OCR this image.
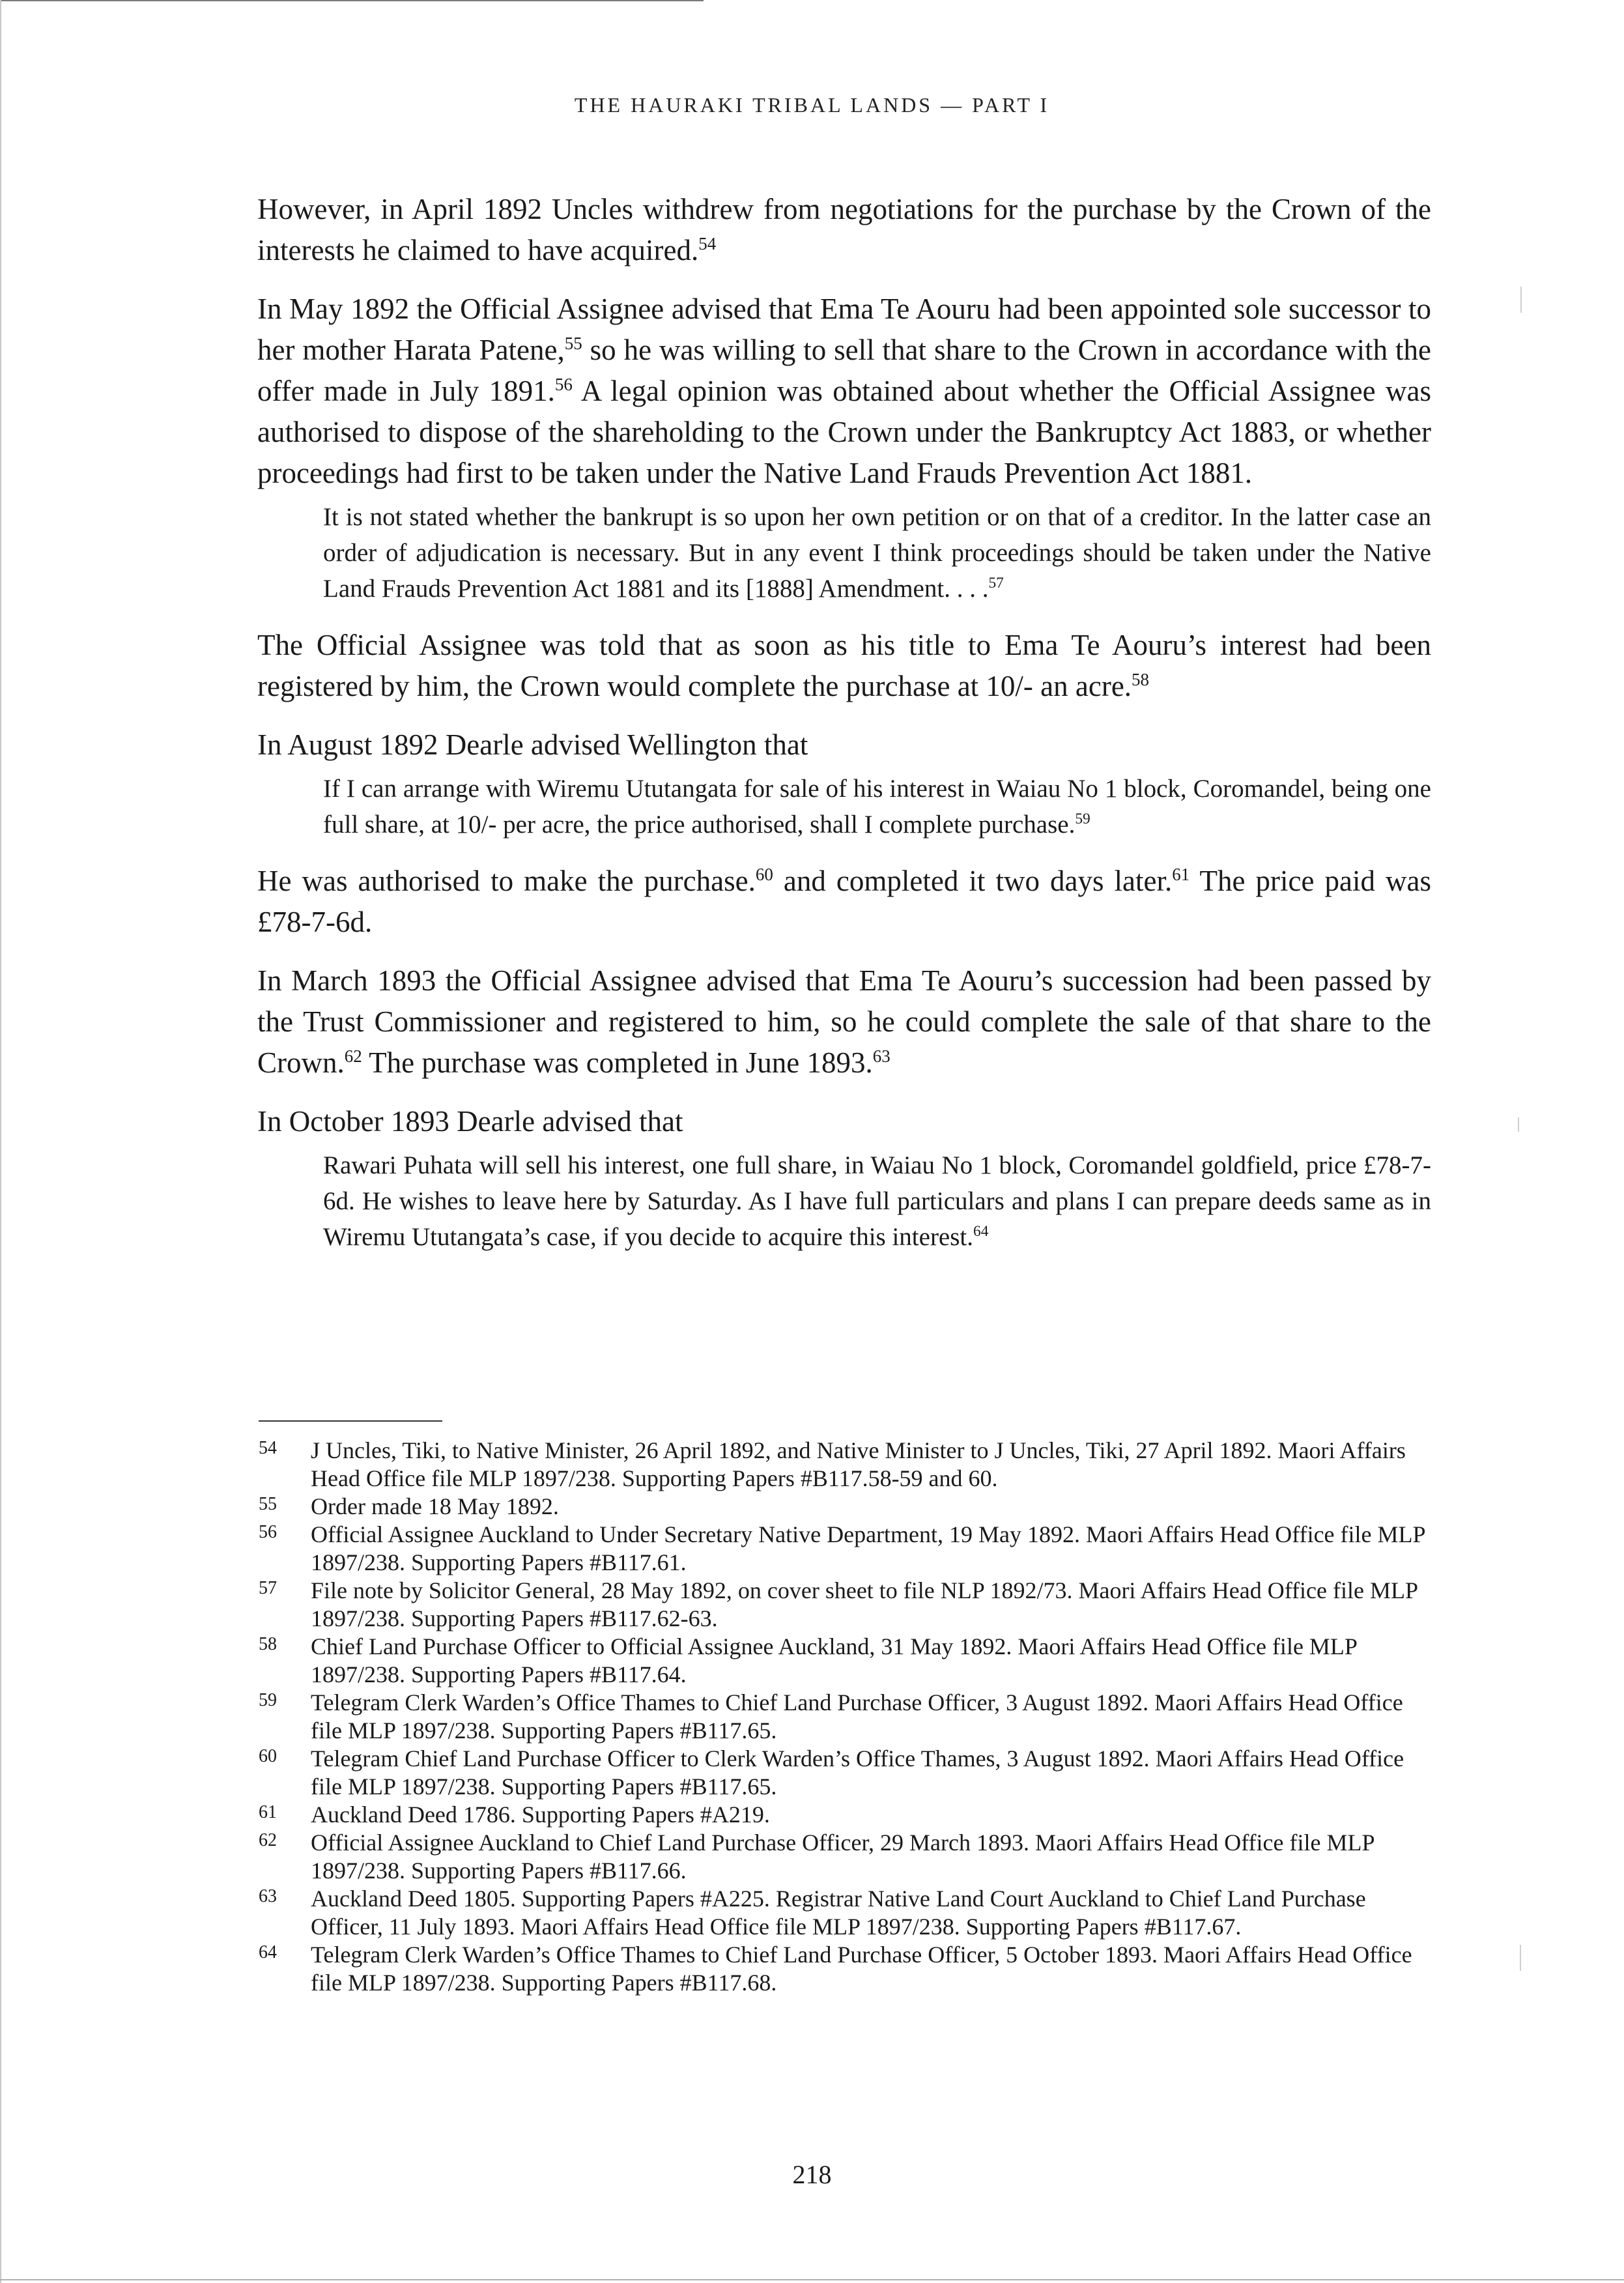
THE HAURAKI TRIBAL LANDS — PART I

However, in April 1892 Uncles withdrew from negotiations for the purchase by the Crown of the interests he claimed to have acquired.$^{54}$

In May 1892 the Official Assignee advised that Ema Te Aouru had been appointed sole successor to her mother Harata Patene,$^{55}$ so he was willing to sell that share to the Crown in accordance with the offer made in July 1891.56 A legal opinion was obtained about whether the Official Assignee was authorised to dispose of the shareholding to the Crown under the Bankruptcy Act 1883, or whether proceedings had first to be taken under the Native Land Frauds Prevention Act 1881.

It is not stated whether the bankrupt is so upon her own petition or on that of a creditor. In the latter case an order of adjudication is necessary. But in any event I think proceedings should be taken under the Native Land Frauds Prevention Act 1881 and its [1888] Amendment. . . .$^{57}$

The Official Assignee was told that as soon as his title to Ema Te Aouru’s interest had been registered by him, the Crown would complete the purchase at 10/- an acre.$^{58}$

In August 1892 Dearle advised Wellington that

If I can arrange with Wiremu Ututangata for sale of his interest in Waiau No 1 block, Coromandel, being one full share, at 10/- per acre, the price authorised, shall I complete purchase.$^{59}$

He was authorised to make the purchase.$^{60}$ and completed it two days later.$^{61}$ The price paid was £78-7-6d.

In March 1893 the Official Assignee advised that Ema Te Aouru’s succession had been passed by the Trust Commissioner and registered to him, so he could complete the sale of that share to the Crown.$^{62}$ The purchase was completed in June 1893.63

In October 1893 Dearle advised that

Rawari Puhata will sell his interest, one full share, in Waiau No 1 block, Coromandel goldfield, price £78-7-6d. He wishes to leave here by Saturday. As I have full particulars and plans I can prepare deeds same as in Wiremu Ututangata’s case, if you decide to acquire this interest.$^{64}$

54	J Uncles, Tiki, to Native Minister, 26 April 1892, and Native Minister to J Uncles, Tiki, 27 April 1892. Maori Affairs Head Office file MLP 1897/238. Supporting Papers #B117.58-59 and 60.
55	Order made 18 May 1892.
56	Official Assignee Auckland to Under Secretary Native Department, 19 May 1892. Maori Affairs Head Office file MLP 1897/238. Supporting Papers #B117.61.
57	File note by Solicitor General, 28 May 1892, on cover sheet to file NLP 1892/73. Maori Affairs Head Office file MLP 1897/238. Supporting Papers #B117.62-63.
58	Chief Land Purchase Officer to Official Assignee Auckland, 31 May 1892. Maori Affairs Head Office file MLP 1897/238. Supporting Papers #B117.64.
59	Telegram Clerk Warden’s Office Thames to Chief Land Purchase Officer, 3 August 1892. Maori Affairs Head Office file MLP 1897/238. Supporting Papers #B117.65.
60	Telegram Chief Land Purchase Officer to Clerk Warden’s Office Thames, 3 August 1892. Maori Affairs Head Office file MLP 1897/238. Supporting Papers #B117.65.
61	Auckland Deed 1786. Supporting Papers #A219.
62	Official Assignee Auckland to Chief Land Purchase Officer, 29 March 1893. Maori Affairs Head Office file MLP 1897/238. Supporting Papers #B117.66.
63	Auckland Deed 1805. Supporting Papers #A225. Registrar Native Land Court Auckland to Chief Land Purchase Officer, 11 July 1893. Maori Affairs Head Office file MLP 1897/238. Supporting Papers #B117.67.
64	Telegram Clerk Warden’s Office Thames to Chief Land Purchase Officer, 5 October 1893. Maori Affairs Head Office file MLP 1897/238. Supporting Papers #B117.68.
218
